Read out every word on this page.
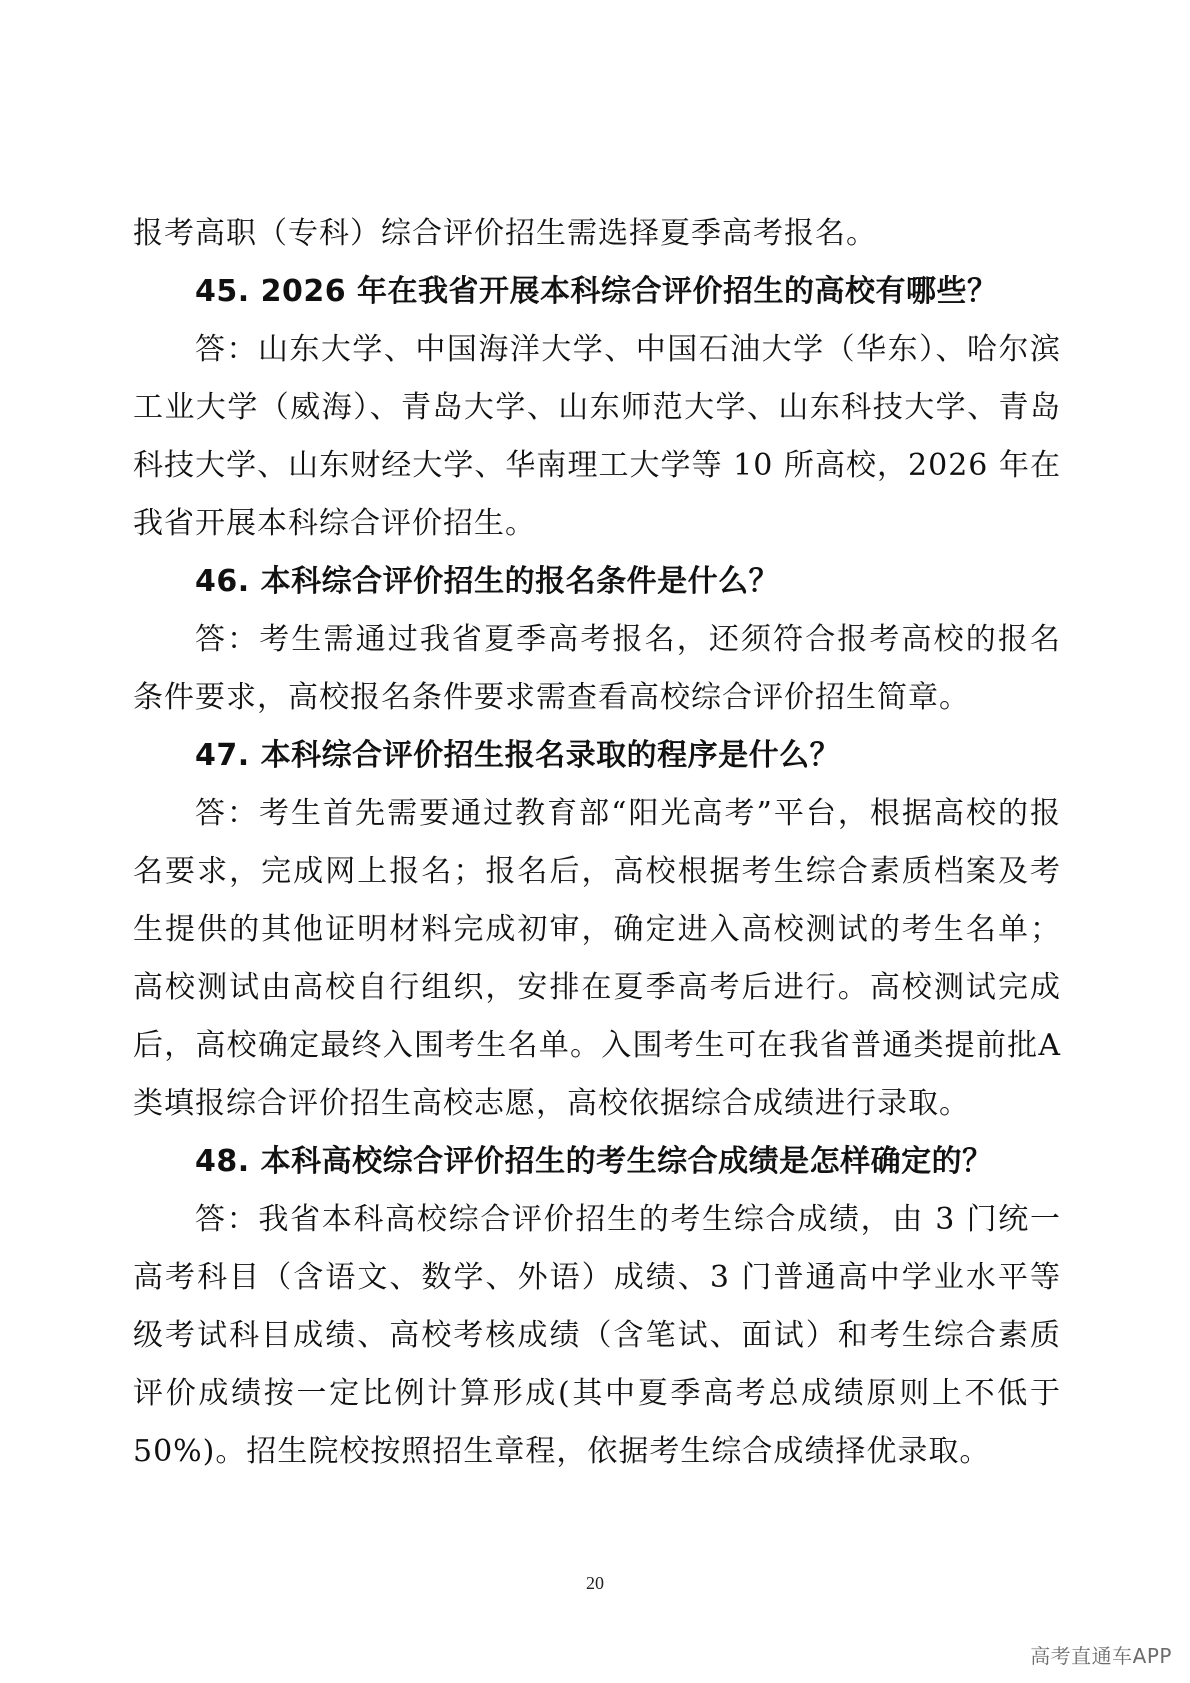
报考高职（专科）综合评价招生需选择夏季高考报名。

45. 2026 年在我省开展本科综合评价招生的高校有哪些？

答：山东大学、中国海洋大学、中国石油大学（华东）、哈尔滨工业大学（威海）、青岛大学、山东师范大学、山东科技大学、青岛科技大学、山东财经大学、华南理工大学等 10 所高校，2026 年在我省开展本科综合评价招生。

46. 本科综合评价招生的报名条件是什么？

答：考生需通过我省夏季高考报名，还须符合报考高校的报名条件要求，高校报名条件要求需查看高校综合评价招生简章。

47. 本科综合评价招生报名录取的程序是什么？

答：考生首先需要通过教育部“阳光高考”平台，根据高校的报名要求，完成网上报名；报名后，高校根据考生综合素质档案及考生提供的其他证明材料完成初审，确定进入高校测试的考生名单；高校测试由高校自行组织，安排在夏季高考后进行。高校测试完成后，高校确定最终入围考生名单。入围考生可在我省普通类提前批A 类填报综合评价招生高校志愿，高校依据综合成绩进行录取。

48. 本科高校综合评价招生的考生综合成绩是怎样确定的？

答：我省本科高校综合评价招生的考生综合成绩，由 3 门统一高考科目（含语文、数学、外语）成绩、3 门普通高中学业水平等级考试科目成绩、高校考核成绩（含笔试、面试）和考生综合素质评价成绩按一定比例计算形成(其中夏季高考总成绩原则上不低于50%)。招生院校按照招生章程，依据考生综合成绩择优录取。

20
高考直通车APP
